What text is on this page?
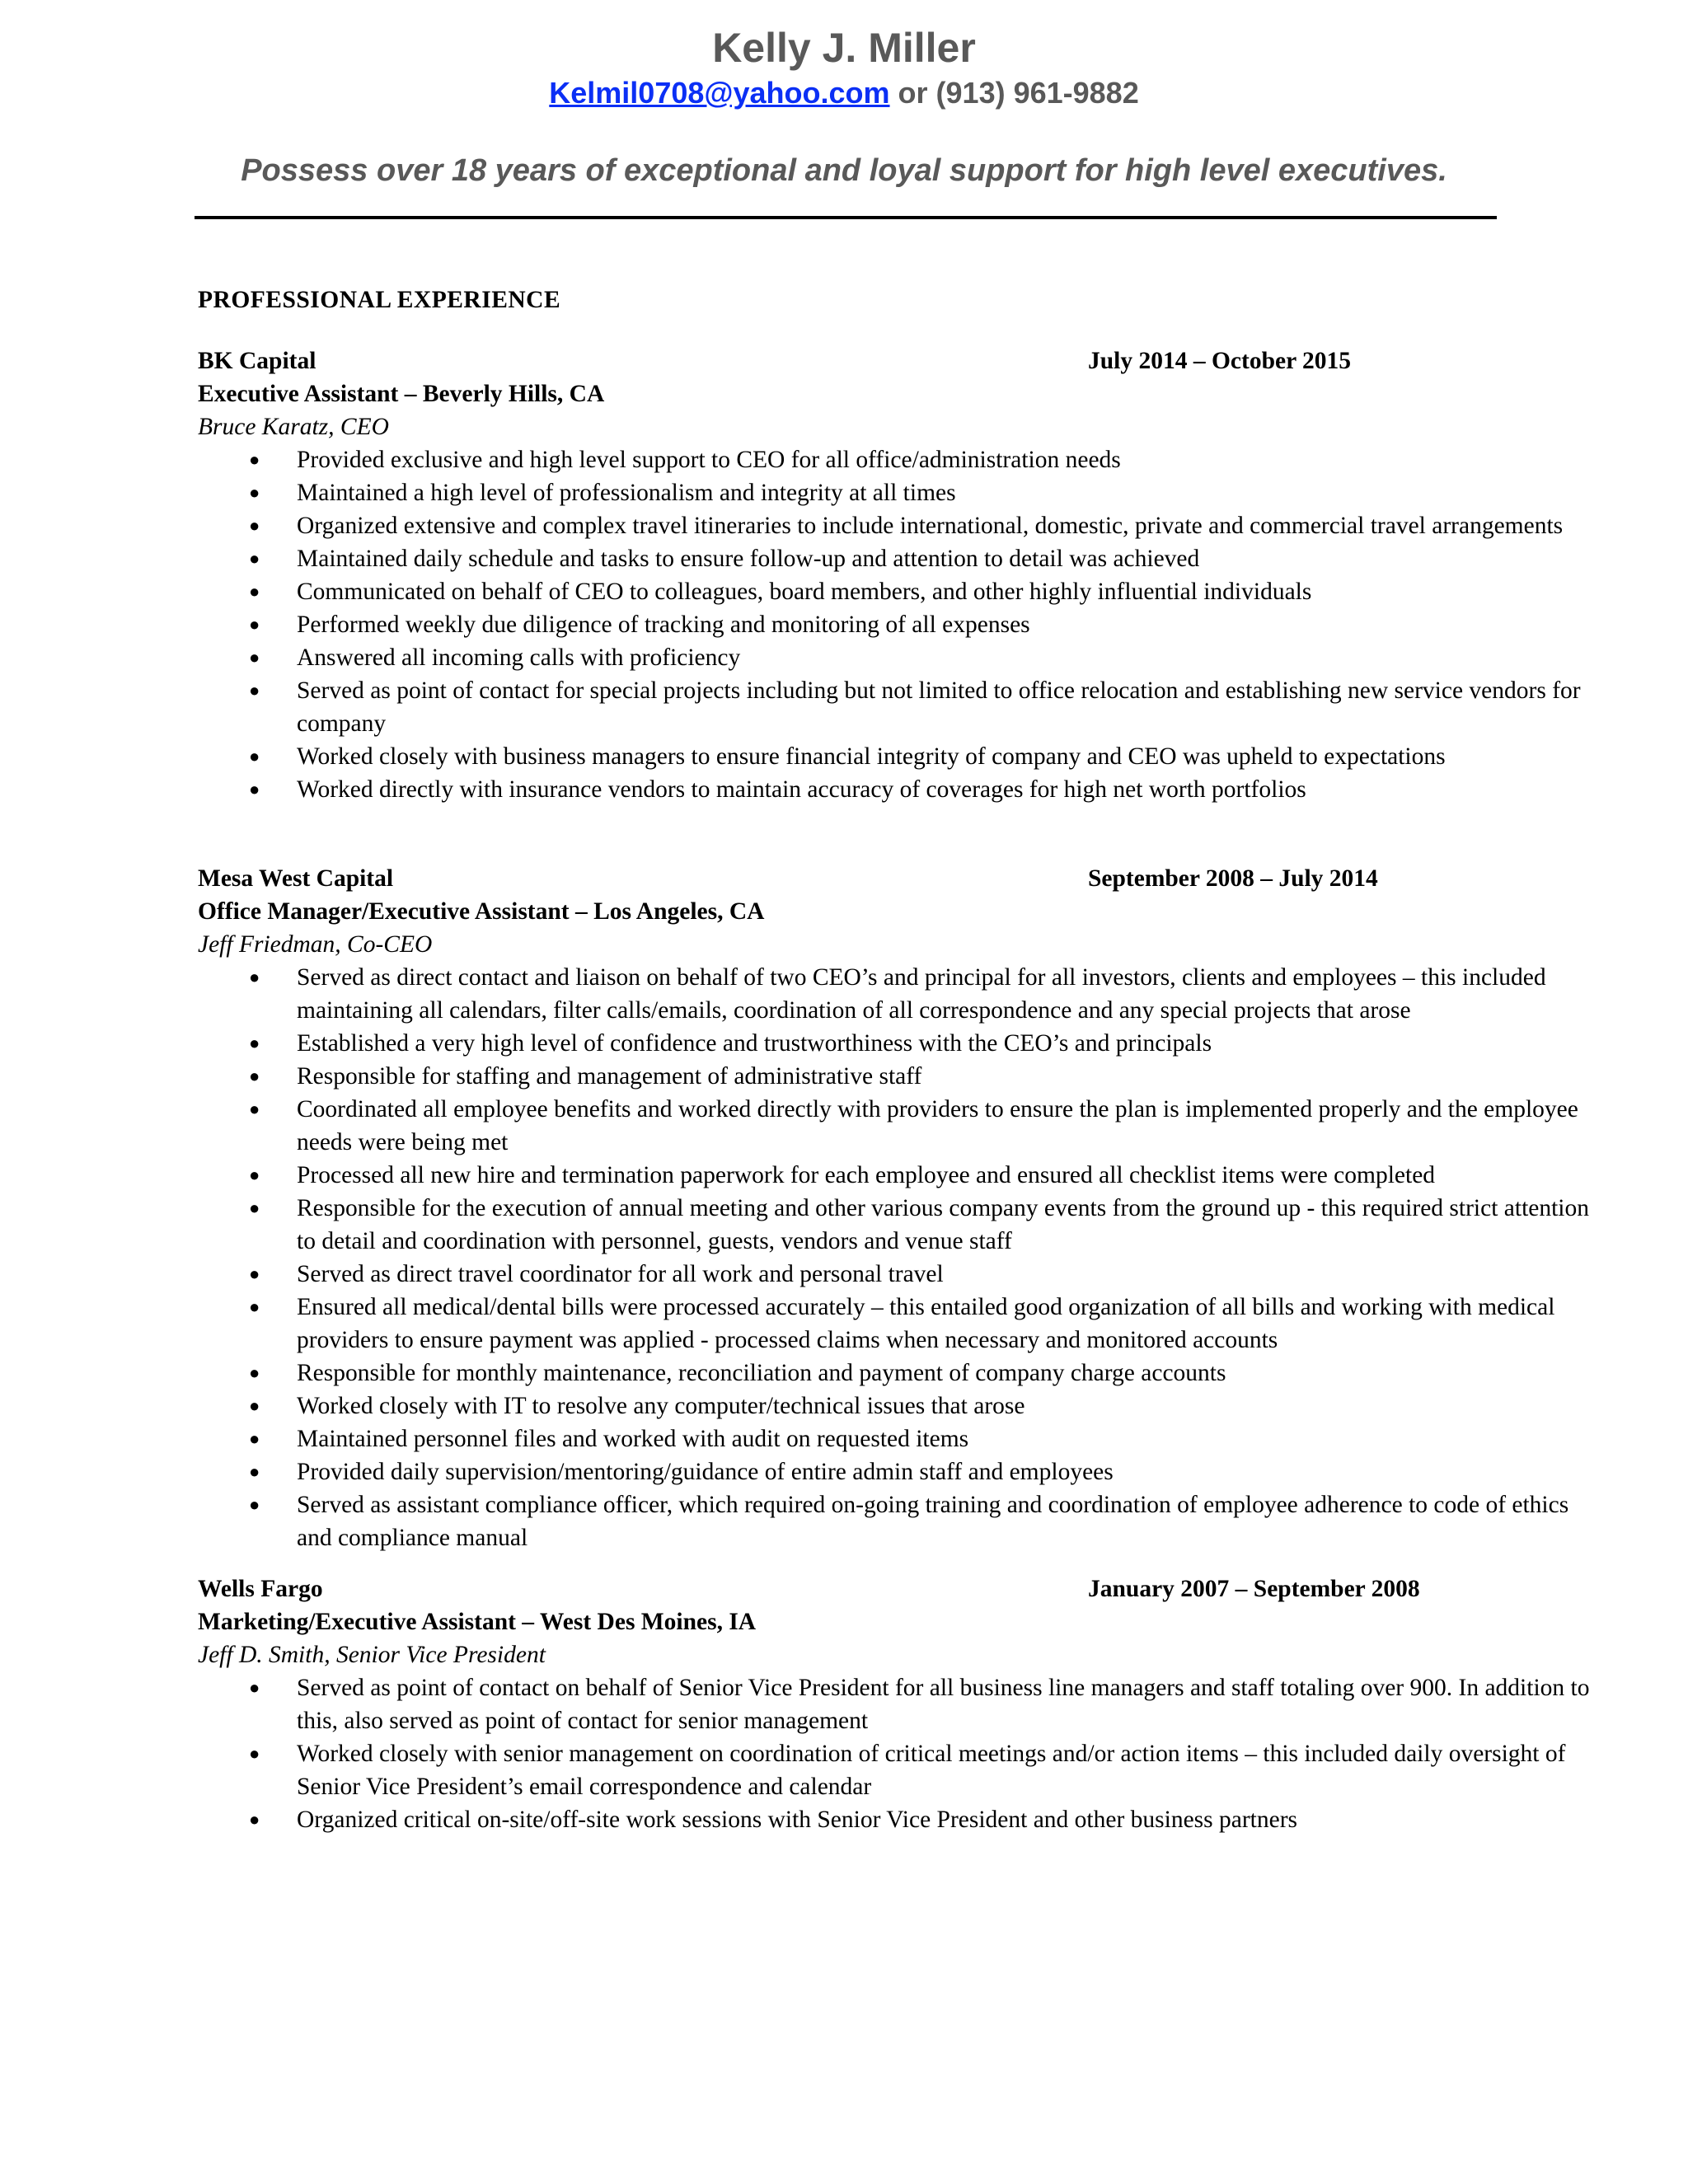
Kelly J. Miller
Kelmil0708@yahoo.com or (913) 961-9882
Possess over 18 years of exceptional and loyal support for high level executives.
PROFESSIONAL EXPERIENCE
BK Capital	July 2014 – October 2015
Executive Assistant – Beverly Hills, CA
Bruce Karatz, CEO
● Provided exclusive and high level support to CEO for all office/administration needs
● Maintained a high level of professionalism and integrity at all times
● Organized extensive and complex travel itineraries to include international, domestic, private and commercial travel arrangements
● Maintained daily schedule and tasks to ensure follow-up and attention to detail was achieved
● Communicated on behalf of CEO to colleagues, board members, and other highly influential individuals
● Performed weekly due diligence of tracking and monitoring of all expenses
● Answered all incoming calls with proficiency
● Served as point of contact for special projects including but not limited to office relocation and establishing new service vendors for company
● Worked closely with business managers to ensure financial integrity of company and CEO was upheld to expectations
● Worked directly with insurance vendors to maintain accuracy of coverages for high net worth portfolios
Mesa West Capital	September 2008 – July 2014
Office Manager/Executive Assistant – Los Angeles, CA
Jeff Friedman, Co-CEO
● Served as direct contact and liaison on behalf of two CEO’s and principal for all investors, clients and employees – this included maintaining all calendars, filter calls/emails, coordination of all correspondence and any special projects that arose
● Established a very high level of confidence and trustworthiness with the CEO’s and principals
● Responsible for staffing and management of administrative staff
● Coordinated all employee benefits and worked directly with providers to ensure the plan is implemented properly and the employee needs were being met
● Processed all new hire and termination paperwork for each employee and ensured all checklist items were completed
● Responsible for the execution of annual meeting and other various company events from the ground up - this required strict attention to detail and coordination with personnel, guests, vendors and venue staff
● Served as direct travel coordinator for all work and personal travel
● Ensured all medical/dental bills were processed accurately – this entailed good organization of all bills and working with medical providers to ensure payment was applied - processed claims when necessary and monitored accounts
● Responsible for monthly maintenance, reconciliation and payment of company charge accounts
● Worked closely with IT to resolve any computer/technical issues that arose
● Maintained personnel files and worked with audit on requested items
● Provided daily supervision/mentoring/guidance of entire admin staff and employees
● Served as assistant compliance officer, which required on-going training and coordination of employee adherence to code of ethics and compliance manual
Wells Fargo	January 2007 – September 2008
Marketing/Executive Assistant – West Des Moines, IA
Jeff D. Smith, Senior Vice President
● Served as point of contact on behalf of Senior Vice President for all business line managers and staff totaling over 900. In addition to this, also served as point of contact for senior management
● Worked closely with senior management on coordination of critical meetings and/or action items – this included daily oversight of Senior Vice President’s email correspondence and calendar
● Organized critical on-site/off-site work sessions with Senior Vice President and other business partners
